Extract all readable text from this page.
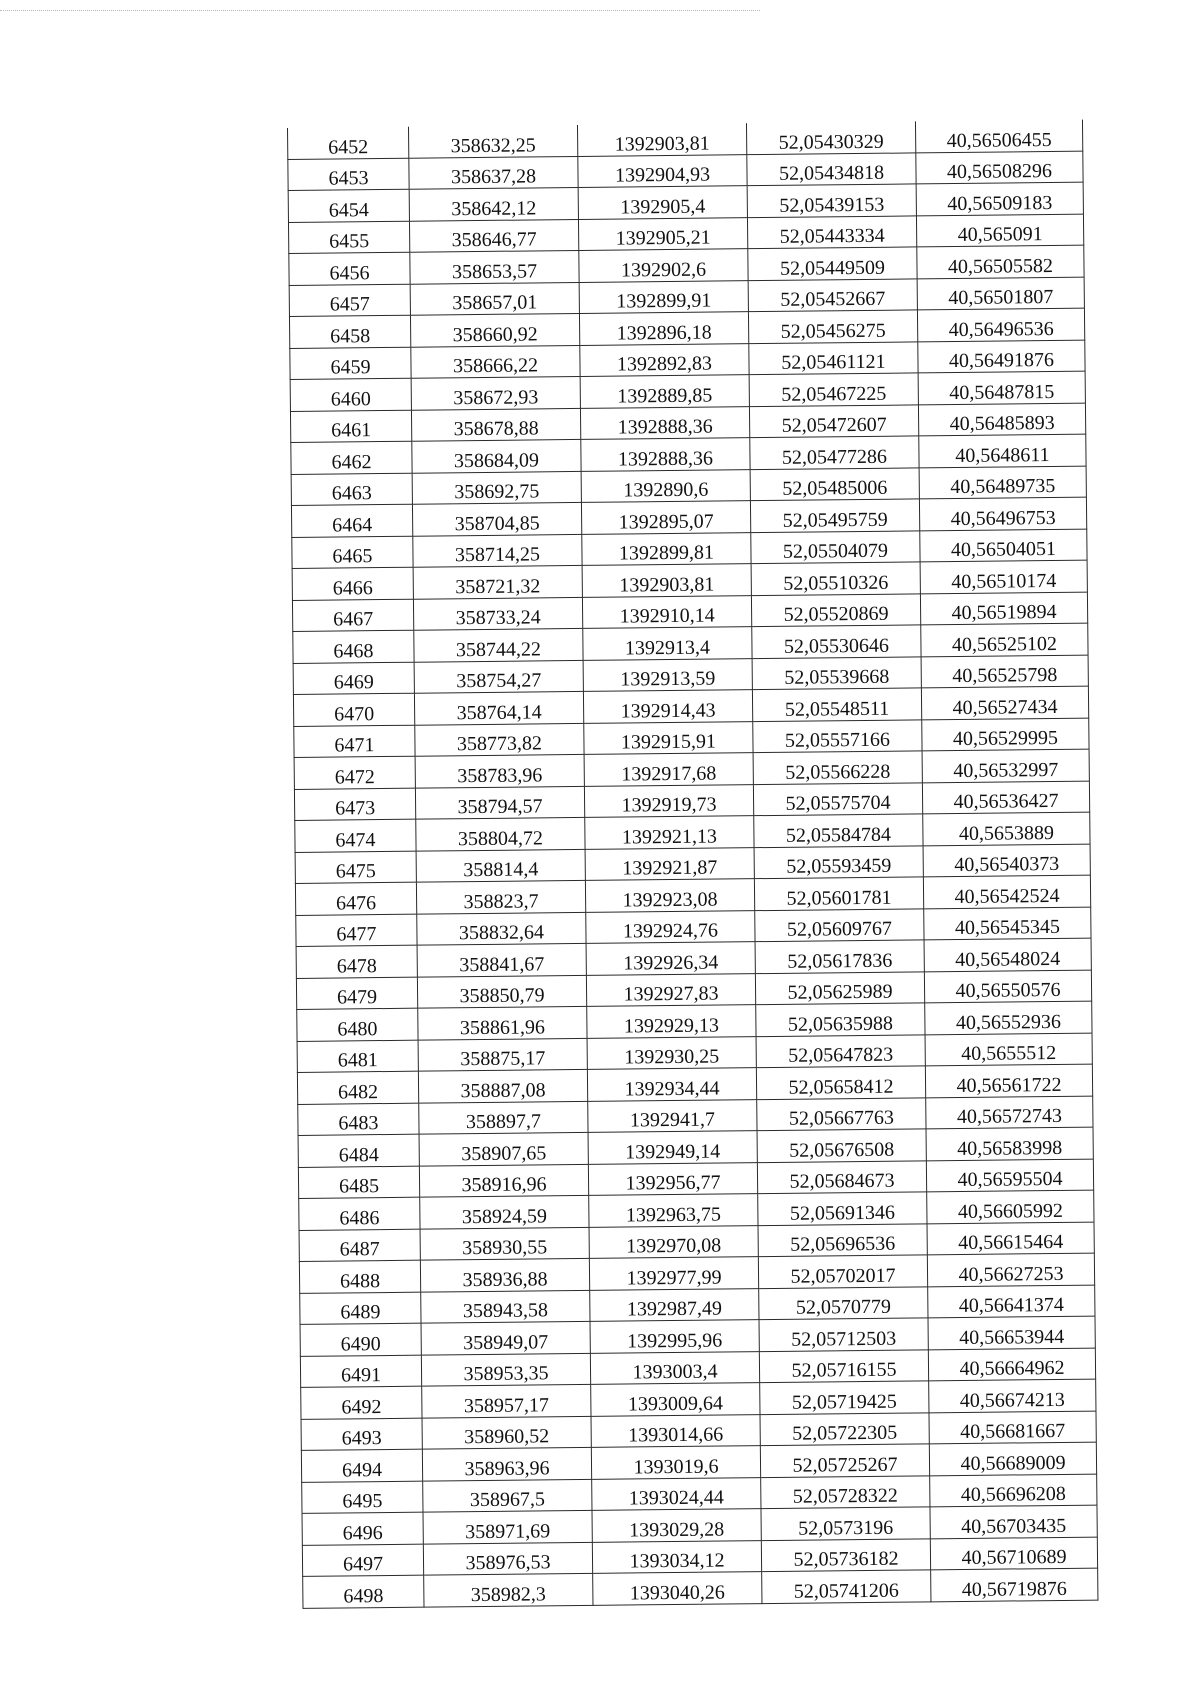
6452	358632,25	1392903,81	52,05430329	40,56506455
6453	358637,28	1392904,93	52,05434818	40,56508296
6454	358642,12	1392905,4	52,05439153	40,56509183
6455	358646,77	1392905,21	52,05443334	40,565091
6456	358653,57	1392902,6	52,05449509	40,56505582
6457	358657,01	1392899,91	52,05452667	40,56501807
6458	358660,92	1392896,18	52,05456275	40,56496536
6459	358666,22	1392892,83	52,05461121	40,56491876
6460	358672,93	1392889,85	52,05467225	40,56487815
6461	358678,88	1392888,36	52,05472607	40,56485893
6462	358684,09	1392888,36	52,05477286	40,5648611
6463	358692,75	1392890,6	52,05485006	40,56489735
6464	358704,85	1392895,07	52,05495759	40,56496753
6465	358714,25	1392899,81	52,05504079	40,56504051
6466	358721,32	1392903,81	52,05510326	40,56510174
6467	358733,24	1392910,14	52,05520869	40,56519894
6468	358744,22	1392913,4	52,05530646	40,56525102
6469	358754,27	1392913,59	52,05539668	40,56525798
6470	358764,14	1392914,43	52,05548511	40,56527434
6471	358773,82	1392915,91	52,05557166	40,56529995
6472	358783,96	1392917,68	52,05566228	40,56532997
6473	358794,57	1392919,73	52,05575704	40,56536427
6474	358804,72	1392921,13	52,05584784	40,5653889
6475	358814,4	1392921,87	52,05593459	40,56540373
6476	358823,7	1392923,08	52,05601781	40,56542524
6477	358832,64	1392924,76	52,05609767	40,56545345
6478	358841,67	1392926,34	52,05617836	40,56548024
6479	358850,79	1392927,83	52,05625989	40,56550576
6480	358861,96	1392929,13	52,05635988	40,56552936
6481	358875,17	1392930,25	52,05647823	40,5655512
6482	358887,08	1392934,44	52,05658412	40,56561722
6483	358897,7	1392941,7	52,05667763	40,56572743
6484	358907,65	1392949,14	52,05676508	40,56583998
6485	358916,96	1392956,77	52,05684673	40,56595504
6486	358924,59	1392963,75	52,05691346	40,56605992
6487	358930,55	1392970,08	52,05696536	40,56615464
6488	358936,88	1392977,99	52,05702017	40,56627253
6489	358943,58	1392987,49	52,0570779	40,56641374
6490	358949,07	1392995,96	52,05712503	40,56653944
6491	358953,35	1393003,4	52,05716155	40,56664962
6492	358957,17	1393009,64	52,05719425	40,56674213
6493	358960,52	1393014,66	52,05722305	40,56681667
6494	358963,96	1393019,6	52,05725267	40,56689009
6495	358967,5	1393024,44	52,05728322	40,56696208
6496	358971,69	1393029,28	52,0573196	40,56703435
6497	358976,53	1393034,12	52,05736182	40,56710689
6498	358982,3	1393040,26	52,05741206	40,56719876
